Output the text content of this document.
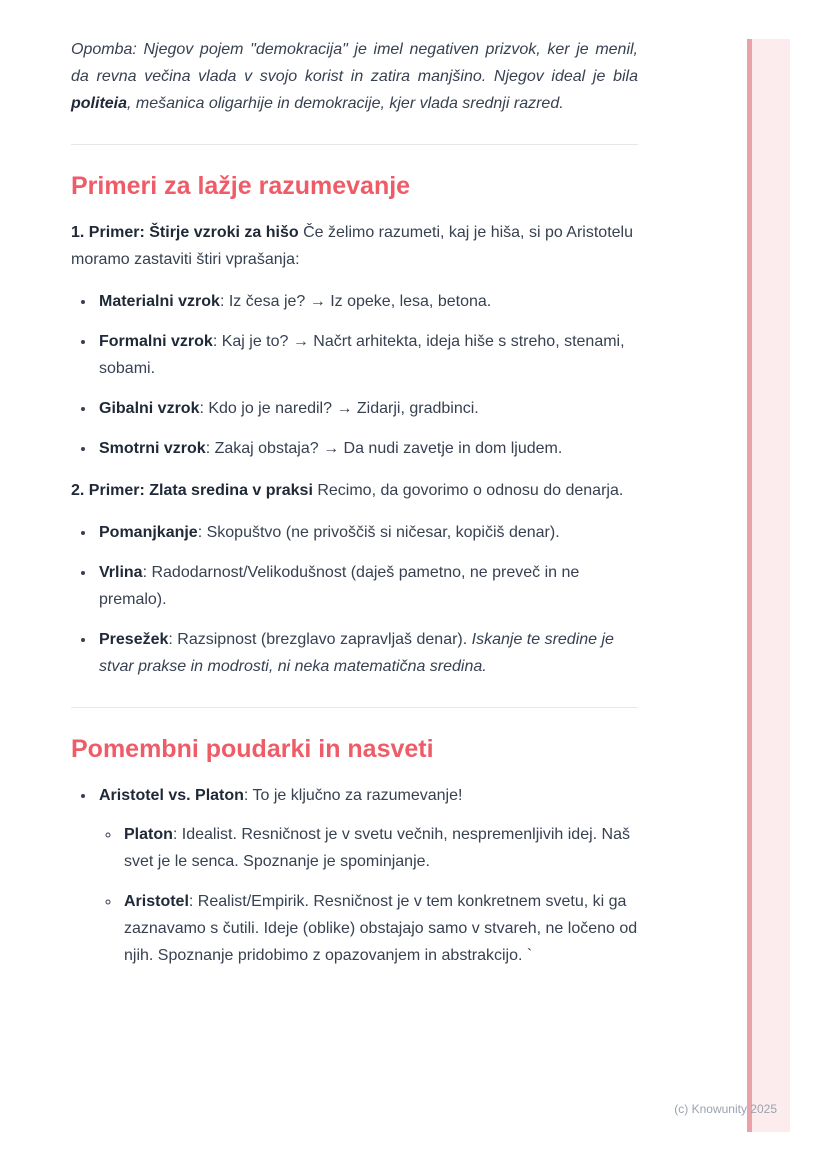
Opomba: Njegov pojem "demokracija" je imel negativen prizvok, ker je menil, da revna večina vlada v svojo korist in zatira manjšino. Njegov ideal je bila politeia, mešanica oligarhije in demokracije, kjer vlada srednji razred.

Primeri za lažje razumevanje

1. Primer: Štirje vzroki za hišo Če želimo razumeti, kaj je hiša, si po Aristotelu moramo zastaviti štiri vprašanja:

• Materialni vzrok: Iz česa je? → Iz opeke, lesa, betona.
• Formalni vzrok: Kaj je to? → Načrt arhitekta, ideja hiše s streho, stenami, sobami.
• Gibalni vzrok: Kdo jo je naredil? → Zidarji, gradbinci.
• Smotrni vzrok: Zakaj obstaja? → Da nudi zavetje in dom ljudem.

2. Primer: Zlata sredina v praksi Recimo, da govorimo o odnosu do denarja.

• Pomanjkanje: Skopuštvo (ne privoščiš si ničesar, kopičiš denar).
• Vrlina: Radodarnost/Velikodušnost (daješ pametno, ne preveč in ne premalo).
• Presežek: Razsipnost (brezglavo zapravljaš denar). Iskanje te sredine je stvar prakse in modrosti, ni neka matematična sredina.
Pomembni poudarki in nasveti
• Aristotel vs. Platon: To je ključno za razumevanje!
◦ Platon: Idealist. Resničnost je v svetu večnih, nespremenljivih idej. Naš svet je le senca. Spoznanje je spominjanje.
◦ Aristotel: Realist/Empirik. Resničnost je v tem konkretnem svetu, ki ga zaznavamo s čutili. Ideje (oblike) obstajajo samo v stvareh, ne ločeno od njih. Spoznanje pridobimo z opazovanjem in abstrakcijo. `
(c) Knowunity 2025
